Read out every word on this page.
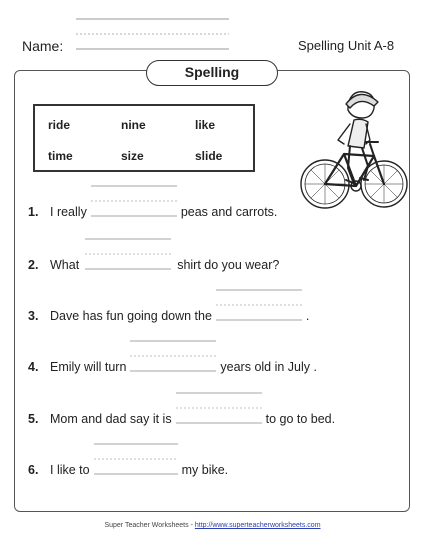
Name:	Spelling Unit A-8
Spelling
ride	nine	like
time	size	slide
1. I really	peas and carrots.
2. What	shirt do you wear?
3. Dave has fun going down the	.
4. Emily will turn	years old in July .
5. Mom and dad say it is	to go to bed.
6. I like to	my bike.
Super Teacher Worksheets - http://www.superteacherworksheets.com
